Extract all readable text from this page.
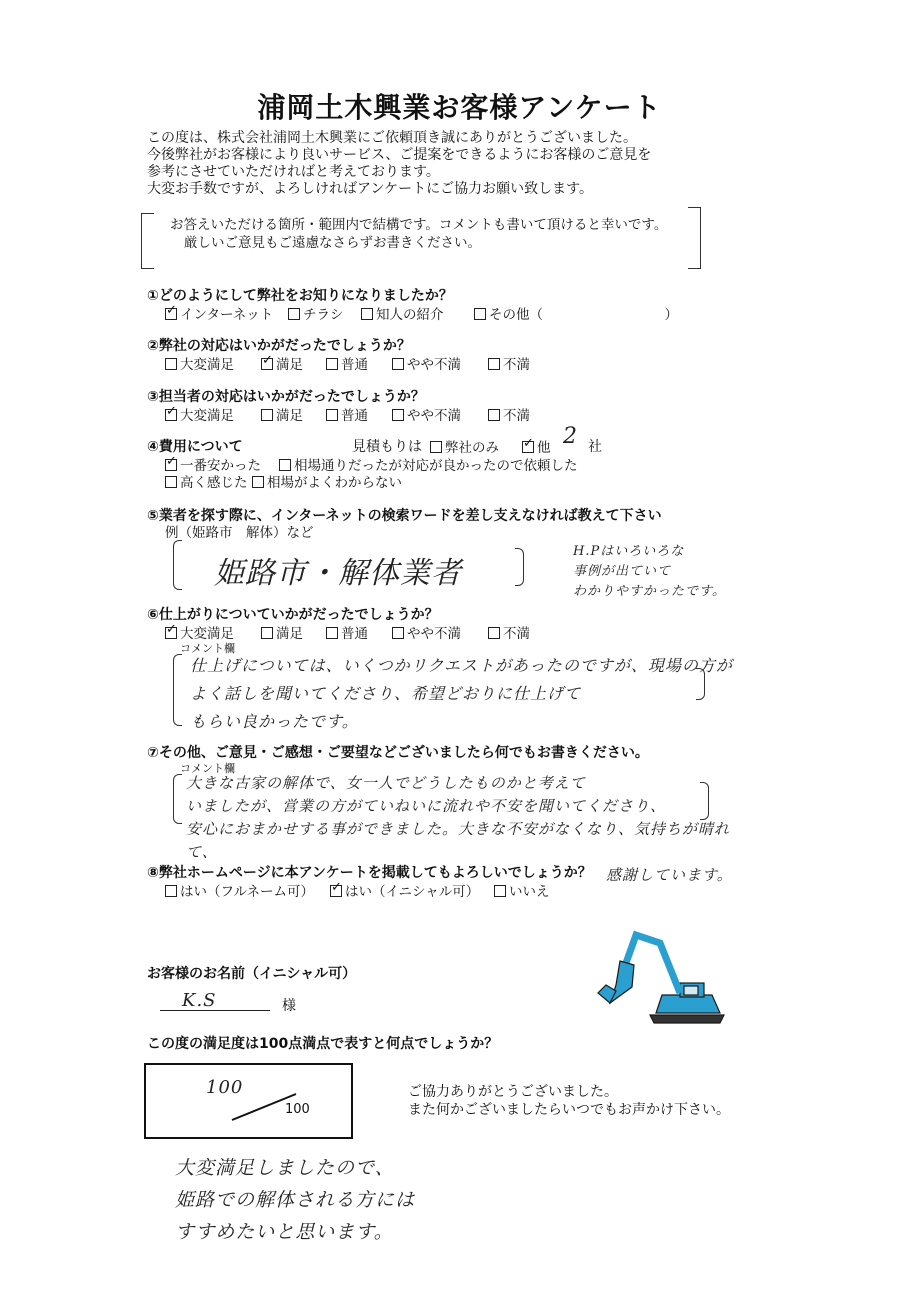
浦岡土木興業お客様アンケート
この度は、株式会社浦岡土木興業にご依頼頂き誠にありがとうございました。
今後弊社がお客様により良いサービス、ご提案をできるようにお客様のご意見を
参考にさせていただければと考えております。
大変お手数ですが、よろしければアンケートにご協力お願い致します。
お答えいただける箇所・範囲内で結構です。コメントも書いて頂けると幸いです。
厳しいご意見もご遠慮なさらずお書きください。
①どのようにして弊社をお知りになりましたか？
✓インターネット	チラシ	知人の紹介	その他（　　　　　　　　　）
②弊社の対応はいかがだったでしょうか？
大変満足 ✓	満足	普通	やや不満	不満
③担当者の対応はいかがだったでしょうか？
✓大変満足	満足	普通	やや不満	不満
④費用について	見積もりは	弊社のみ ✓	他 2 社
✓一番安かった	相場通りだったが対応が良かったので依頼した
高く感じた	相場がよくわからない
⑤業者を探す際に、インターネットの検索ワードを差し支えなければ教えて下さい
例（姫路市　解体）など
姫路市・解体業者
H.Pはいろいろな
事例が出ていて
わかりやすかったです。
⑥仕上がりについていかがだったでしょうか？
✓大変満足	満足	普通	やや不満	不満
コメント欄
仕上げについては、いくつかリクエストがあったのですが、現場の方が
よく話しを聞いてくださり、希望どおりに仕上げて
もらい良かったです。
⑦その他、ご意見・ご感想・ご要望などございましたら何でもお書きください。
コメント欄
大きな古家の解体で、女一人でどうしたものかと考えて
いましたが、営業の方がていねいに流れや不安を聞いてくださり、
安心におまかせする事ができました。大きな不安がなくなり、気持ちが晴れて、
感謝しています。
⑧弊社ホームページに本アンケートを掲載してもよろしいでしょうか？
はい（フルネーム可） ✓	はい（イニシャル可）	いいえ
お客様のお名前（イニシャル可）
K.S	様
この度の満足度は100点満点で表すと何点でしょうか？
100
100
ご協力ありがとうございました。
また何かございましたらいつでもお声かけ下さい。
大変満足しましたので、
姫路での解体される方には
すすめたいと思います。
